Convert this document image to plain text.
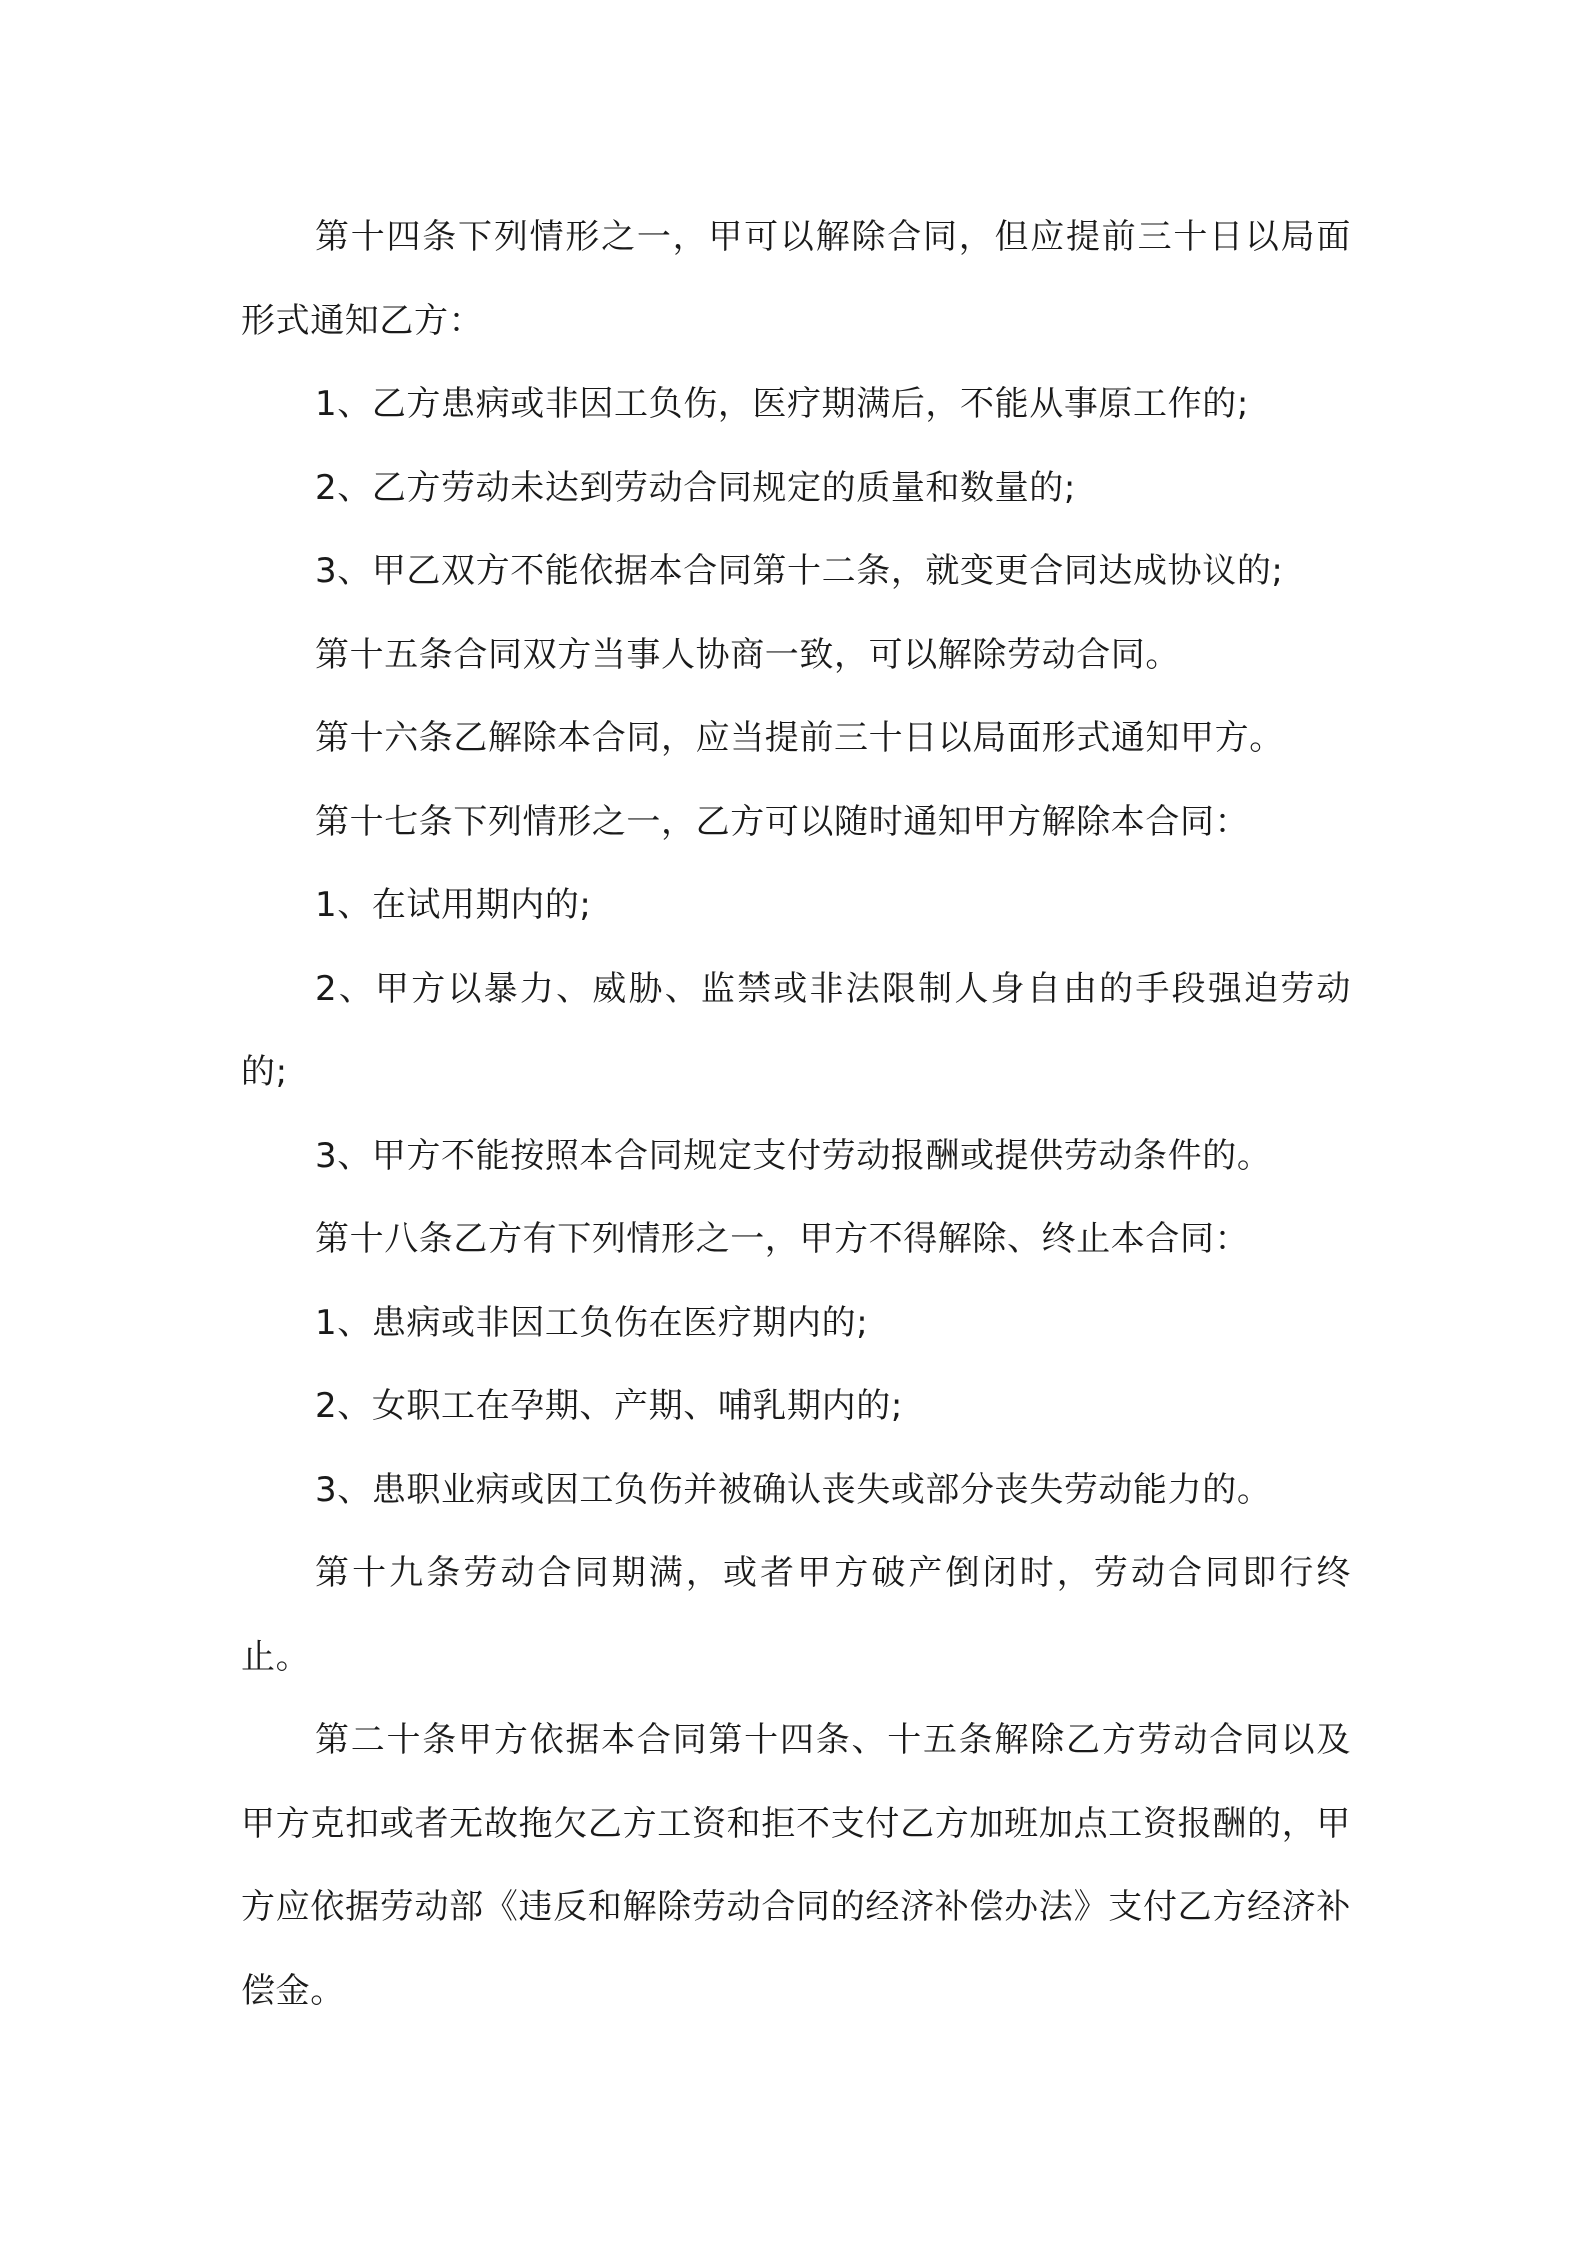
第十四条下列情形之一，甲可以解除合同，但应提前三十日以局面形式通知乙方：

1、乙方患病或非因工负伤，医疗期满后，不能从事原工作的;

2、乙方劳动未达到劳动合同规定的质量和数量的;

3、甲乙双方不能依据本合同第十二条，就变更合同达成协议的;

第十五条合同双方当事人协商一致，可以解除劳动合同。

第十六条乙解除本合同，应当提前三十日以局面形式通知甲方。

第十七条下列情形之一，乙方可以随时通知甲方解除本合同：

1、在试用期内的;

2、甲方以暴力、威胁、监禁或非法限制人身自由的手段强迫劳动的;

3、甲方不能按照本合同规定支付劳动报酬或提供劳动条件的。

第十八条乙方有下列情形之一，甲方不得解除、终止本合同：

1、患病或非因工负伤在医疗期内的;

2、女职工在孕期、产期、哺乳期内的;

3、患职业病或因工负伤并被确认丧失或部分丧失劳动能力的。

第十九条劳动合同期满，或者甲方破产倒闭时，劳动合同即行终止。

第二十条甲方依据本合同第十四条、十五条解除乙方劳动合同以及甲方克扣或者无故拖欠乙方工资和拒不支付乙方加班加点工资报酬的，甲方应依据劳动部《违反和解除劳动合同的经济补偿办法》支付乙方经济补偿金。
